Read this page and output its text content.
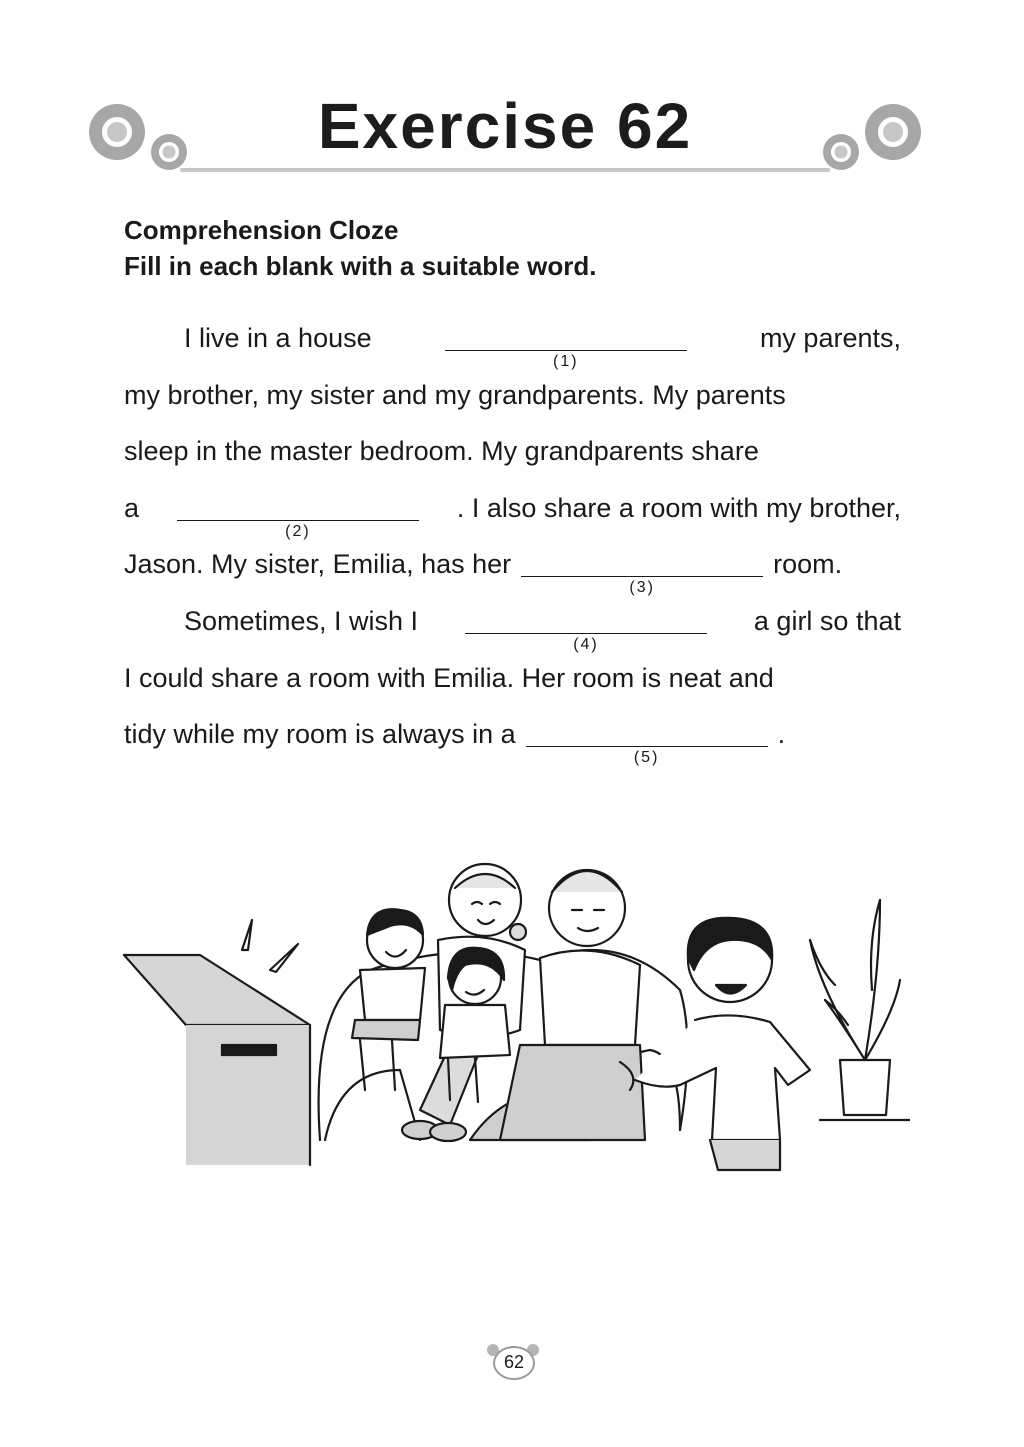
Exercise 62
Comprehension Cloze
Fill in each blank with a suitable word.
I live in a house
(1)
my parents,
my brother, my sister and my grandparents. My parents
sleep in the master bedroom. My grandparents share
a
(2)
. I also share a room with my brother,
Jason. My sister, Emilia, has her
(3)
room.
Sometimes, I wish I
(4)
a girl so that
I could share a room with Emilia. Her room is neat and
tidy while my room is always in a
(5)
.
62
